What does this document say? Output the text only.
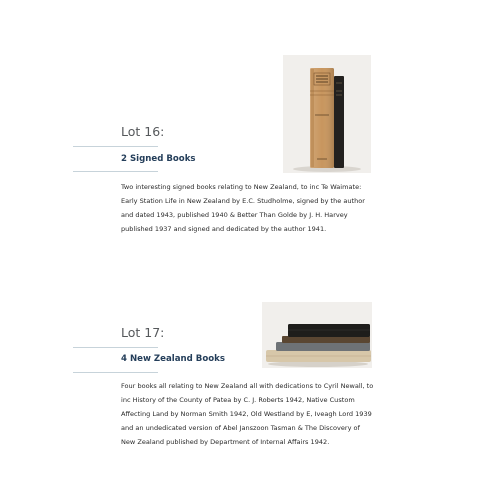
Lot 16:
2 Signed Books
Two interesting signed books relating to New Zealand, to inc Te Waimate: Early Station Life in New Zealand by E.C. Studholme, signed by the author and dated 1943, published 1940 & Better Than Golde by J. H. Harvey published 1937 and signed and dedicated by the author 1941.
Lot 17:
4 New Zealand Books
Four books all relating to New Zealand all with dedications to Cyril Newall, to inc History of the County of Patea by C. J. Roberts 1942, Native Custom Affecting Land by Norman Smith 1942, Old Westland by E, Iveagh Lord 1939 and an undedicated version of Abel Janszoon Tasman & The Discovery of New Zealand published by Department of Internal Affairs 1942.
